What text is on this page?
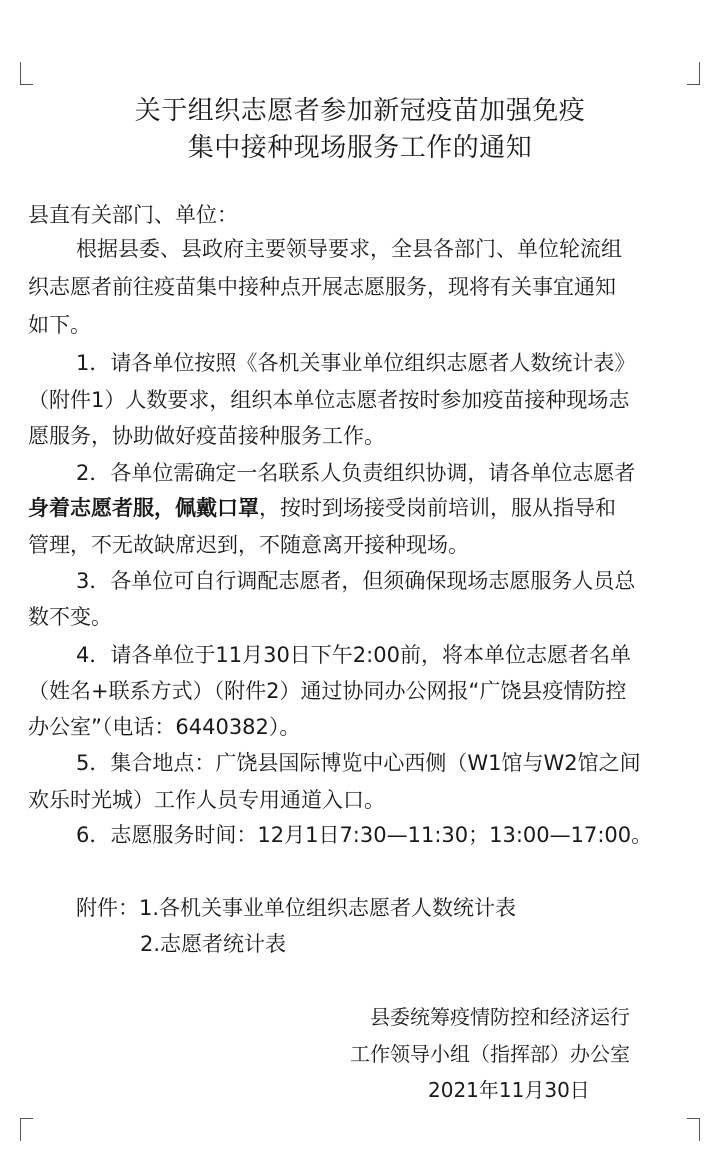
关于组织志愿者参加新冠疫苗加强免疫
集中接种现场服务工作的通知
县直有关部门、单位：
根据县委、县政府主要领导要求，全县各部门、单位轮流组
织志愿者前往疫苗集中接种点开展志愿服务，现将有关事宜通知
如下。
1．请各单位按照《各机关事业单位组织志愿者人数统计表》
（附件1）人数要求，组织本单位志愿者按时参加疫苗接种现场志
愿服务，协助做好疫苗接种服务工作。
2．各单位需确定一名联系人负责组织协调，请各单位志愿者
身着志愿者服，佩戴口罩，按时到场接受岗前培训，服从指导和
管理，不无故缺席迟到，不随意离开接种现场。
3．各单位可自行调配志愿者，但须确保现场志愿服务人员总
数不变。
4．请各单位于11月30日下午2:00前，将本单位志愿者名单
（姓名+联系方式）（附件2）通过协同办公网报“广饶县疫情防控
办公室”（电话：6440382）。
5．集合地点：广饶县国际博览中心西侧（W1馆与W2馆之间
欢乐时光城）工作人员专用通道入口。
6．志愿服务时间：12月1日7:30—11:30；13:00—17:00。
附件：1.各机关事业单位组织志愿者人数统计表
2.志愿者统计表
县委统筹疫情防控和经济运行
工作领导小组（指挥部）办公室
2021年11月30日
